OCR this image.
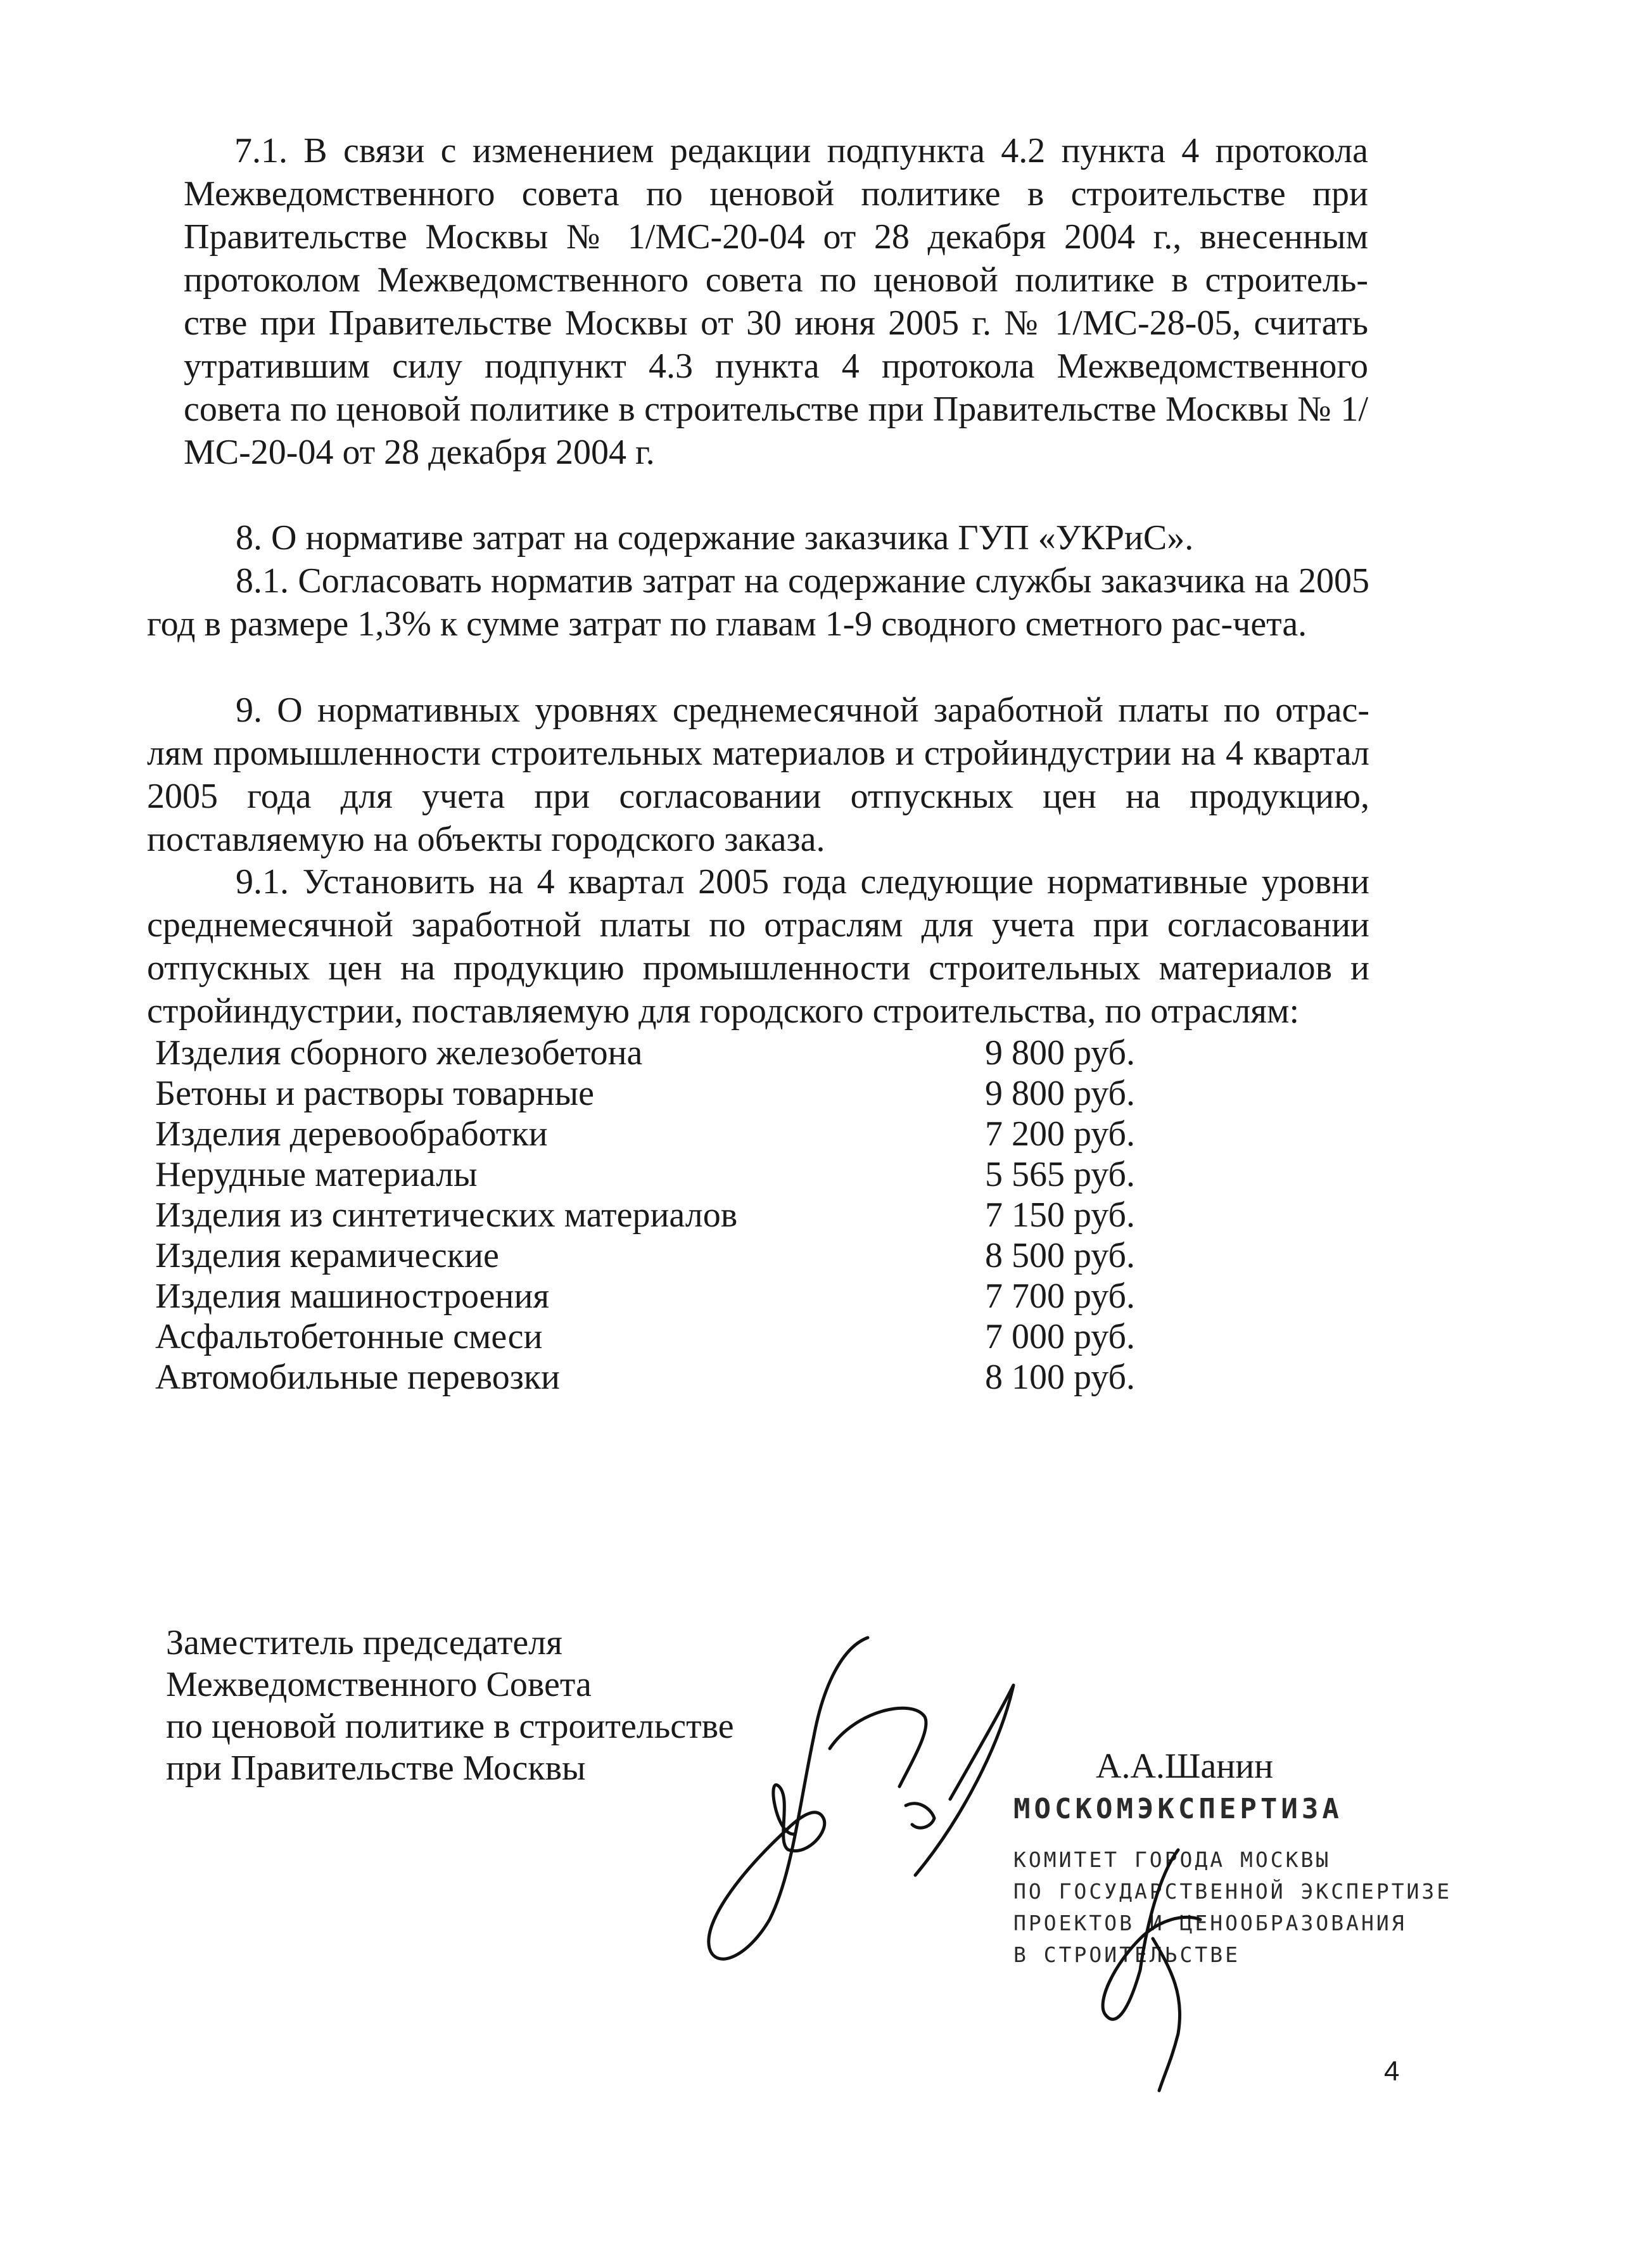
7.1. В связи с изменением редакции подпункта 4.2 пункта 4 протокола Межведомственного совета по ценовой политике в строительстве при Правительстве Москвы № 1/МС-20-04 от 28 декабря 2004 г., внесенным протоколом Межведомственного совета по ценовой политике в строитель-стве при Правительстве Москвы от 30 июня 2005 г. № 1/МС-28-05, считать утратившим силу подпункт 4.3 пункта 4 протокола Межведомственного совета по ценовой политике в строительстве при Правительстве Москвы № 1/МС-20-04 от 28 декабря 2004 г.

8. О нормативе затрат на содержание заказчика ГУП «УКРиС».

8.1. Согласовать норматив затрат на содержание службы заказчика на 2005 год в размере 1,3% к сумме затрат по главам 1-9 сводного сметного рас-чета.

9. О нормативных уровнях среднемесячной заработной платы по отрас-лям промышленности строительных материалов и стройиндустрии на 4 квартал 2005 года для учета при согласовании отпускных цен на продукцию, поставляемую на объекты городского заказа.

9.1. Установить на 4 квартал 2005 года следующие нормативные уровни среднемесячной заработной платы по отраслям для учета при согласовании отпускных цен на продукцию промышленности строительных материалов и стройиндустрии, поставляемую для городского строительства, по отраслям:

Изделия сборного железобетона	9 800 руб.
Бетоны и растворы товарные	9 800 руб.
Изделия деревообработки	7 200 руб.
Нерудные материалы	5 565 руб.
Изделия из синтетических материалов	7 150 руб.
Изделия керамические	8 500 руб.
Изделия машиностроения	7 700 руб.
Асфальтобетонные смеси	7 000 руб.
Автомобильные перевозки	8 100 руб.
Заместитель председателя
Межведомственного Совета
по ценовой политике в строительстве
при Правительстве Москвы	А.А.Шанин
МОСКОМЭКСПЕРТИЗА
КОМИТЕТ ГОРОДА МОСКВЫ
ПО ГОСУДАРСТВЕННОЙ ЭКСПЕРТИЗЕ
ПРОЕКТОВ И ЦЕНООБРАЗОВАНИЯ
В СТРОИТЕЛЬСТВЕ
4
